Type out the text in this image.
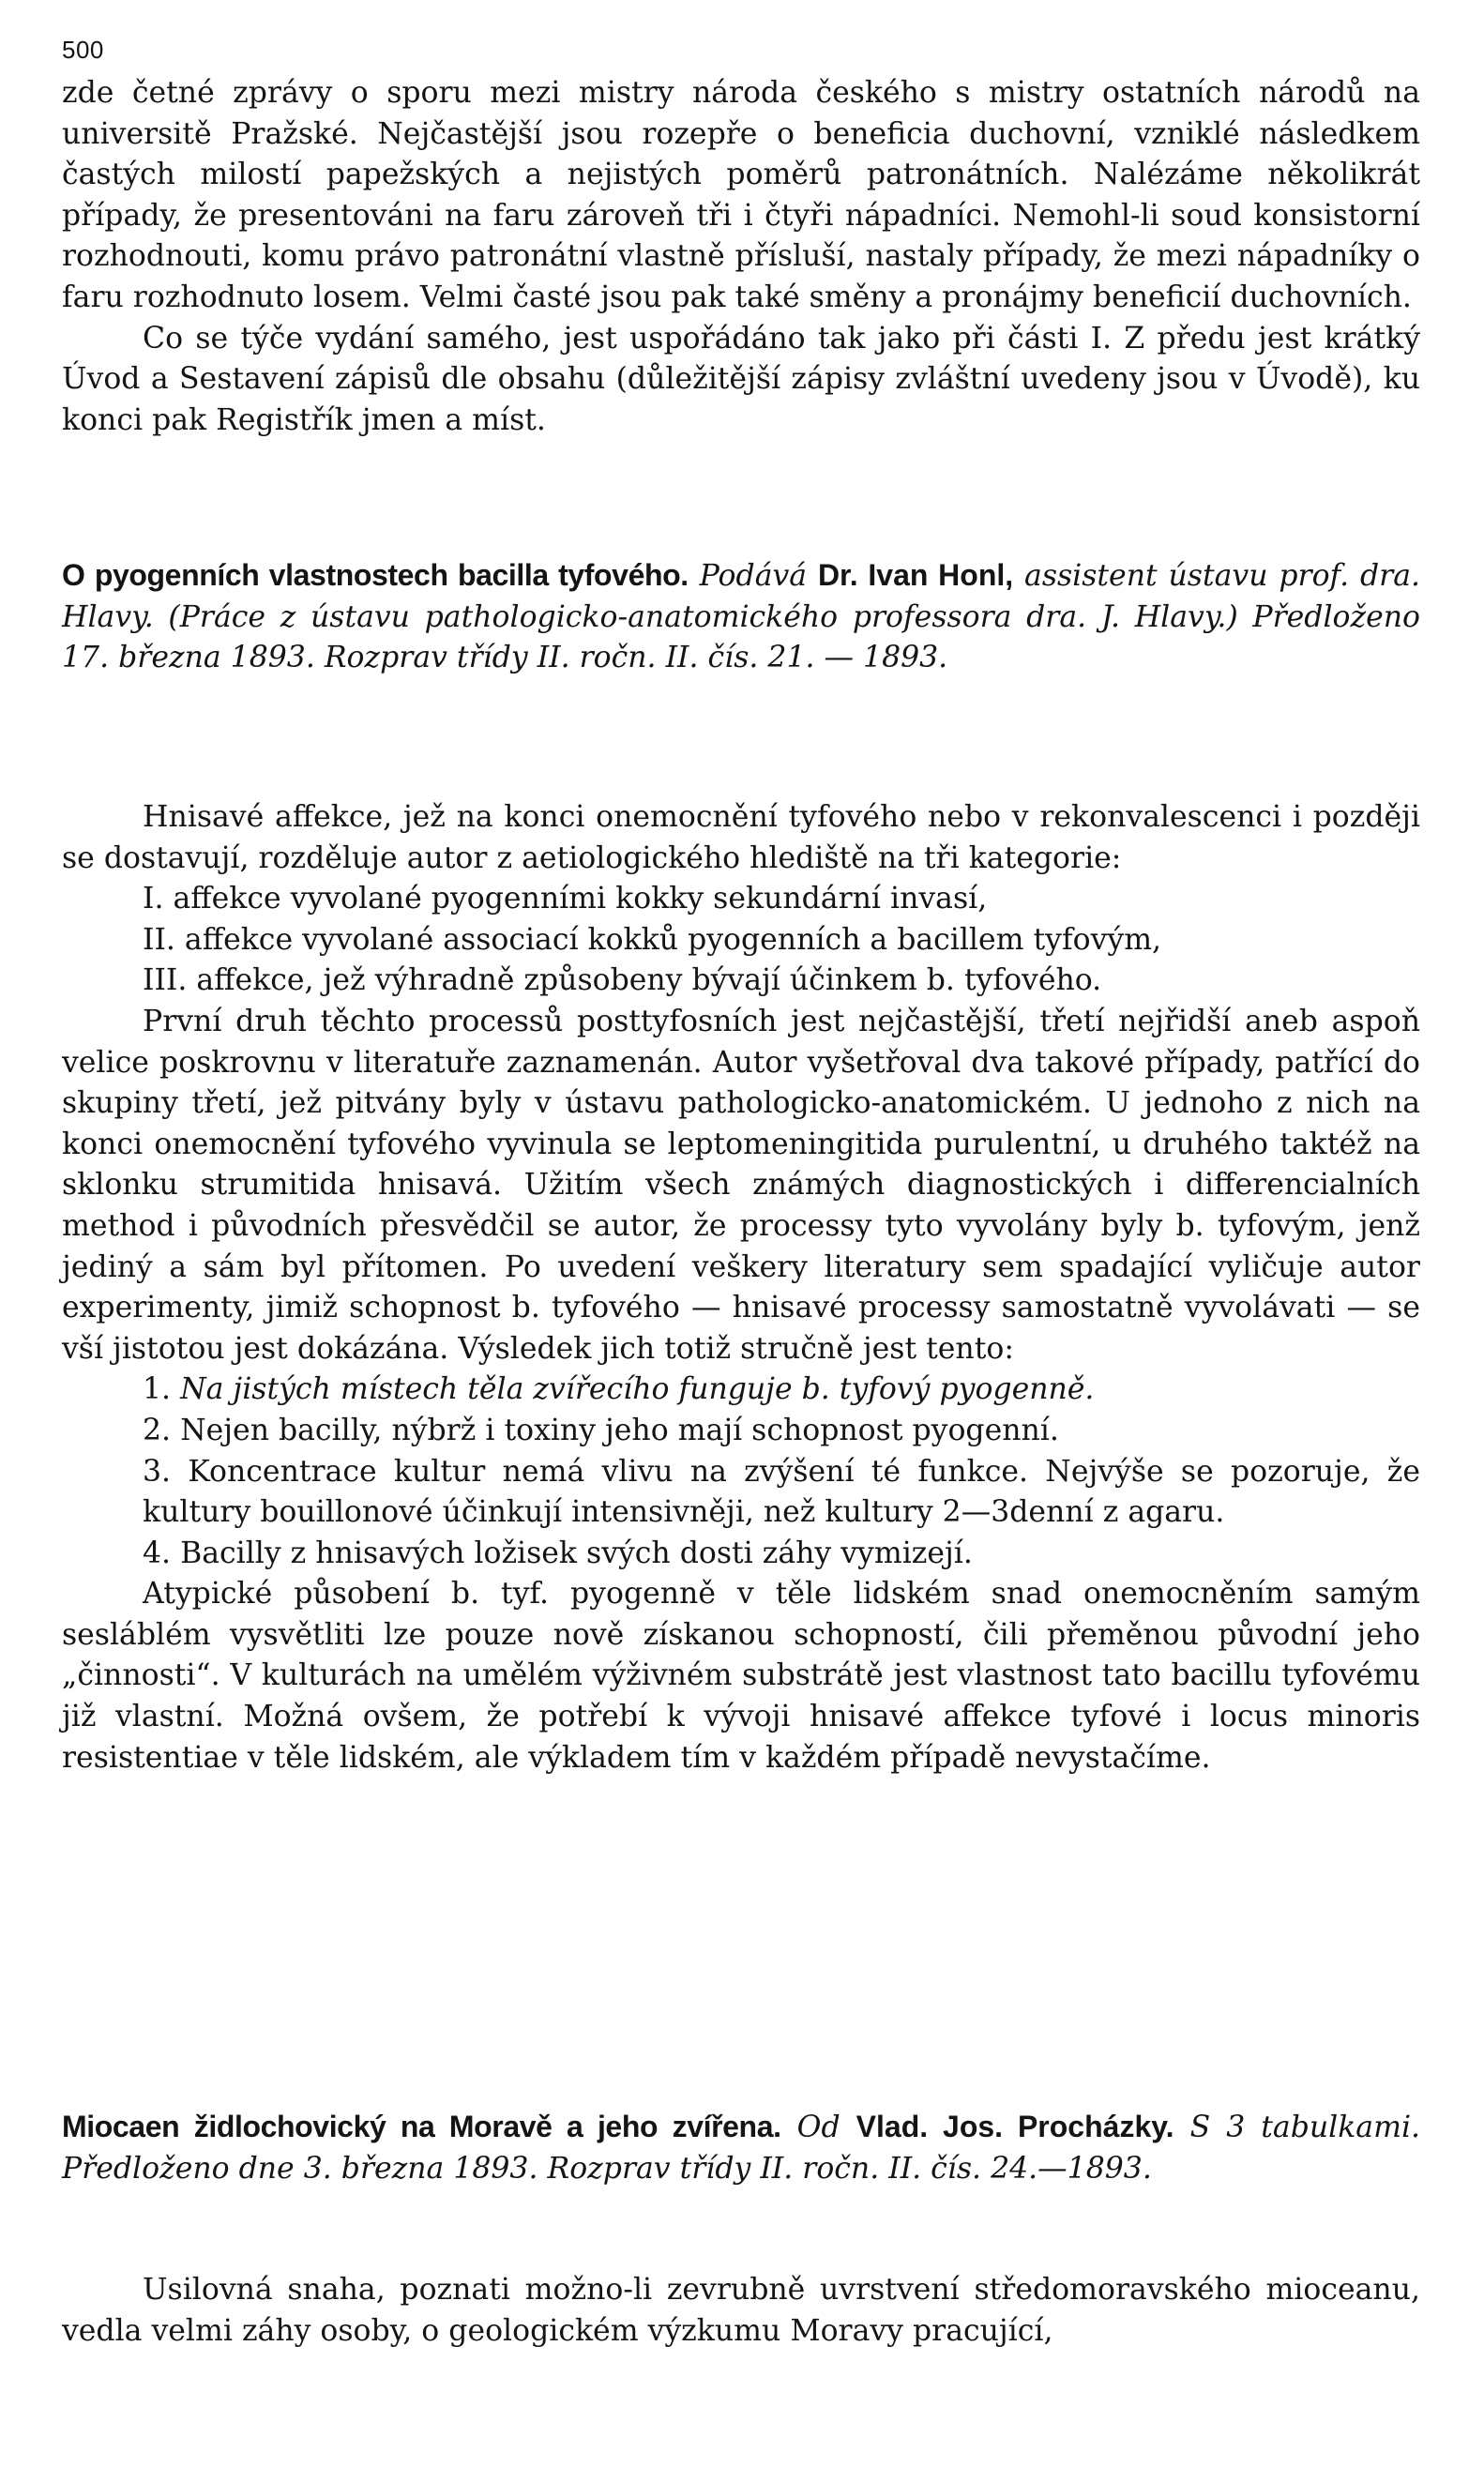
500

zde četné zprávy o sporu mezi mistry národa českého s mistry ostatních národů na universitě Pražské. Nejčastější jsou rozepře o beneficia duchovní, vzniklé následkem častých milostí papežských a nejistých poměrů patronátních. Nalézáme několikrát případy, že presentováni na faru zároveň tři i čtyři nápadníci. Nemohl-li soud konsistorní rozhodnouti, komu právo patronátní vlastně přísluší, nastaly případy, že mezi nápadníky o faru rozhodnuto losem. Velmi časté jsou pak také směny a pronájmy beneficií duchovních.

Co se týče vydání samého, jest uspořádáno tak jako při části I. Z předu jest krátký Úvod a Sestavení zápisů dle obsahu (důležitější zápisy zvláštní uvedeny jsou v Úvodě), ku konci pak Registřík jmen a míst.

O pyogenních vlastnostech bacilla tyfového. Podává Dr. Ivan Honl, assistent ústavu prof. dra. Hlavy. (Práce z ústavu pathologicko-anatomického professora dra. J. Hlavy.) Předloženo 17. března 1893. Rozprav třídy II. ročn. II. čís. 21. — 1893.

Hnisavé affekce, jež na konci onemocnění tyfového nebo v rekonvalescenci i později se dostavují, rozděluje autor z aetiologického hlediště na tři kategorie:

I. affekce vyvolané pyogenními kokky sekundární invasí,
II. affekce vyvolané associací kokků pyogenních a bacillem tyfovým,
III. affekce, jež výhradně způsobeny bývají účinkem b. tyfového.

První druh těchto processů posttyfosních jest nejčastější, třetí nejřidší aneb aspoň velice poskrovnu v literatuře zaznamenán. Autor vyšetřoval dva takové případy, patřící do skupiny třetí, jež pitvány byly v ústavu pathologicko-anatomickém. U jednoho z nich na konci onemocnění tyfového vyvinula se leptomeningitida purulentní, u druhého taktéž na sklonku strumitida hnisavá. Užitím všech známých diagnostických i differencialních method i původních přesvědčil se autor, že processy tyto vyvolány byly b. tyfovým, jenž jediný a sám byl přítomen. Po uvedení veškery literatury sem spadající vyličuje autor experimenty, jimiž schopnost b. tyfového — hnisavé processy samostatně vyvolávati — se vší jistotou jest dokázána. Výsledek jich totiž stručně jest tento:

1. Na jistých místech těla zvířecího funguje b. tyfový pyogenně.
2. Nejen bacilly, nýbrž i toxiny jeho mají schopnost pyogenní.
3. Koncentrace kultur nemá vlivu na zvýšení té funkce. Nejvýše se pozoruje, že kultury bouillonové účinkují intensivněji, než kultury 2—3denní z agaru.
4. Bacilly z hnisavých ložisek svých dosti záhy vymizejí.

Atypické působení b. tyf. pyogenně v těle lidském snad onemocněním samým sesláblém vysvětliti lze pouze nově získanou schopností, čili přeměnou původní jeho „činnosti“. V kulturách na umělém výživném substrátě jest vlastnost tato bacillu tyfovému již vlastní. Možná ovšem, že potřebí k vývoji hnisavé affekce tyfové i locus minoris resistentiae v těle lidském, ale výkladem tím v každém případě nevystačíme.

Miocaen židlochovický na Moravě a jeho zvířena. Od Vlad. Jos. Procházky. S 3 tabulkami. Předloženo dne 3. března 1893. Rozprav třídy II. ročn. II. čís. 24.—1893.

Usilovná snaha, poznati možno-li zevrubně uvrstvení středomoravského mioceanu, vedla velmi záhy osoby, o geologickém výzkumu Moravy pracující,
